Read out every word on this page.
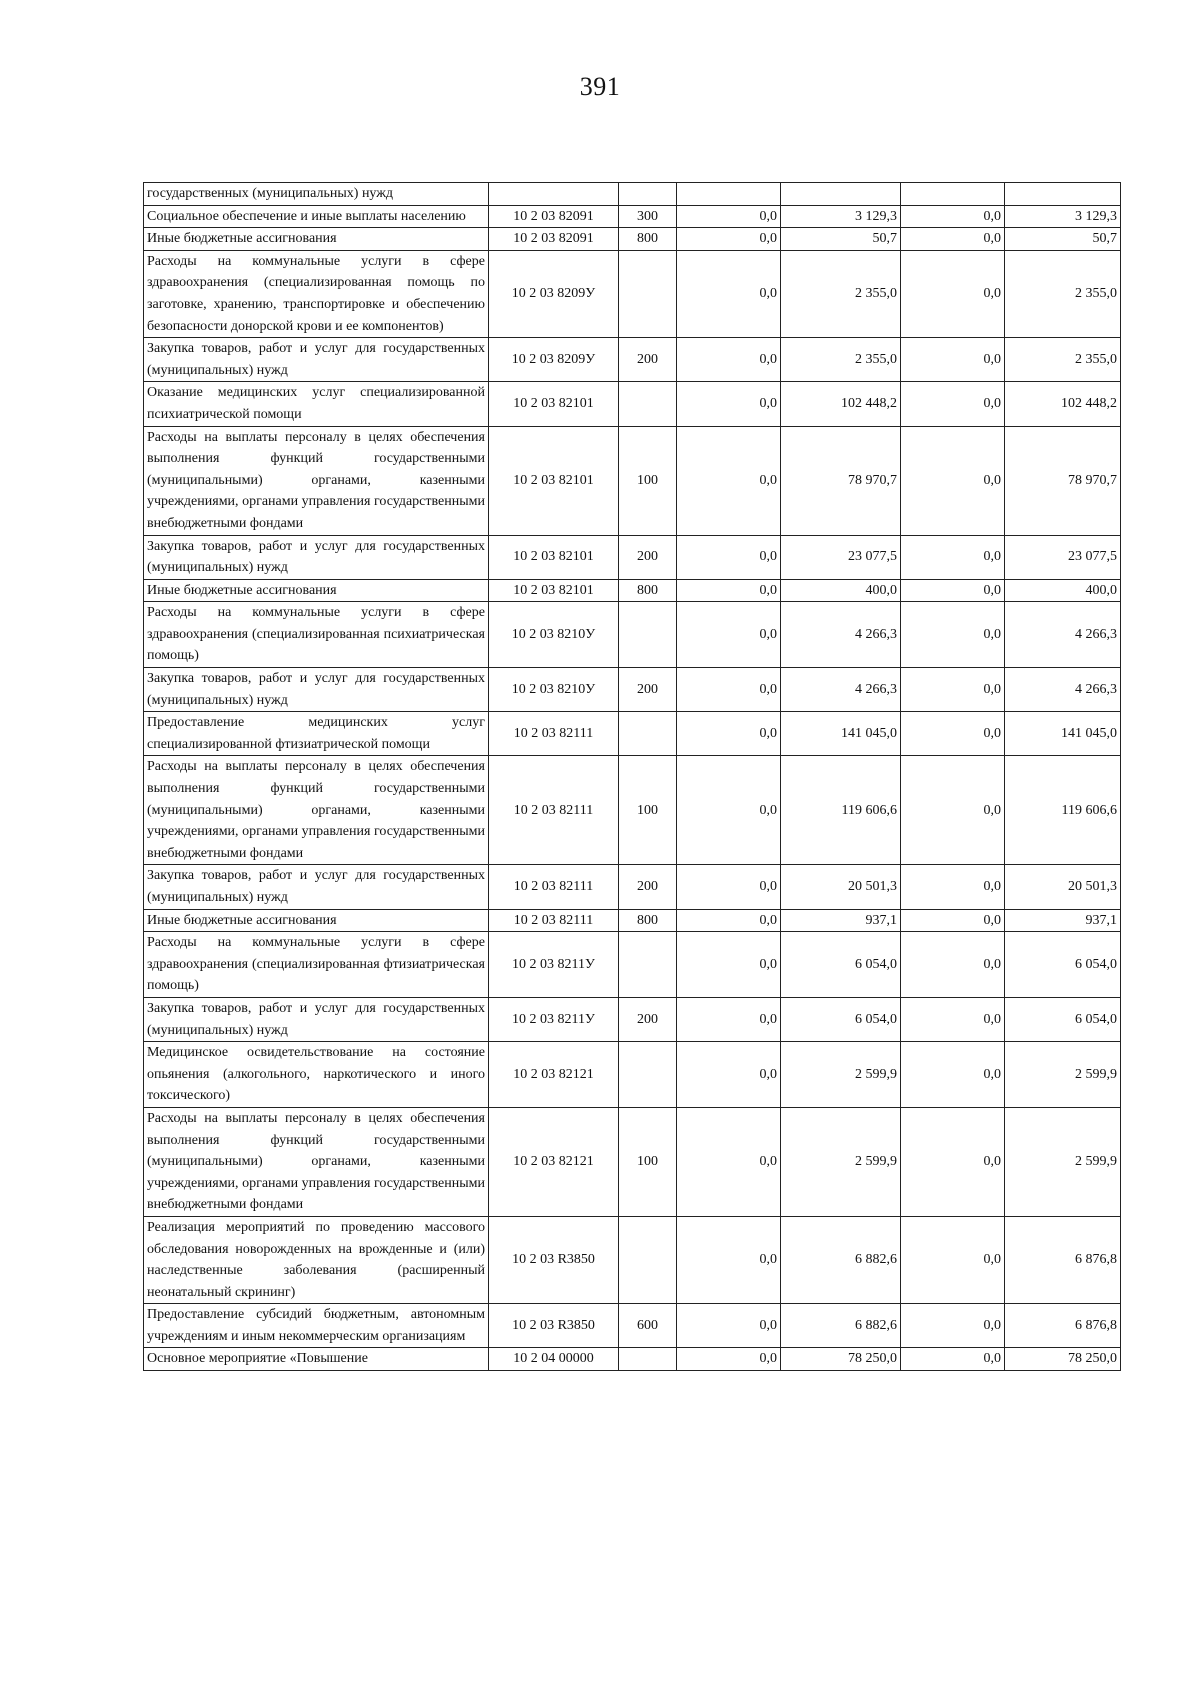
391
государственных (муниципальных) нужд						
Социальное обеспечение и иные выплаты населению	10 2 03 82091	300	0,0	3 129,3	0,0	3 129,3
Иные бюджетные ассигнования	10 2 03 82091	800	0,0	50,7	0,0	50,7
Расходы на коммунальные услуги в сфере здравоохранения (специализированная помощь по заготовке, хранению, транспортировке и обеспечению безопасности донорской крови и ее компонентов)	10 2 03 8209У		0,0	2 355,0	0,0	2 355,0
Закупка товаров, работ и услуг для государственных (муниципальных) нужд	10 2 03 8209У	200	0,0	2 355,0	0,0	2 355,0
Оказание медицинских услуг специализированной психиатрической помощи	10 2 03 82101		0,0	102 448,2	0,0	102 448,2
Расходы на выплаты персоналу в целях обеспечения выполнения функций государственными (муниципальными) органами, казенными учреждениями, органами управления государственными внебюджетными фондами	10 2 03 82101	100	0,0	78 970,7	0,0	78 970,7
Закупка товаров, работ и услуг для государственных (муниципальных) нужд	10 2 03 82101	200	0,0	23 077,5	0,0	23 077,5
Иные бюджетные ассигнования	10 2 03 82101	800	0,0	400,0	0,0	400,0
Расходы на коммунальные услуги в сфере здравоохранения (специализированная психиатрическая помощь)	10 2 03 8210У		0,0	4 266,3	0,0	4 266,3
Закупка товаров, работ и услуг для государственных (муниципальных) нужд	10 2 03 8210У	200	0,0	4 266,3	0,0	4 266,3
Предоставление медицинских услуг специализированной фтизиатрической помощи	10 2 03 82111		0,0	141 045,0	0,0	141 045,0
Расходы на выплаты персоналу в целях обеспечения выполнения функций государственными (муниципальными) органами, казенными учреждениями, органами управления государственными внебюджетными фондами	10 2 03 82111	100	0,0	119 606,6	0,0	119 606,6
Закупка товаров, работ и услуг для государственных (муниципальных) нужд	10 2 03 82111	200	0,0	20 501,3	0,0	20 501,3
Иные бюджетные ассигнования	10 2 03 82111	800	0,0	937,1	0,0	937,1
Расходы на коммунальные услуги в сфере здравоохранения (специализированная фтизиатрическая помощь)	10 2 03 8211У		0,0	6 054,0	0,0	6 054,0
Закупка товаров, работ и услуг для государственных (муниципальных) нужд	10 2 03 8211У	200	0,0	6 054,0	0,0	6 054,0
Медицинское освидетельствование на состояние опьянения (алкогольного, наркотического и иного токсического)	10 2 03 82121		0,0	2 599,9	0,0	2 599,9
Расходы на выплаты персоналу в целях обеспечения выполнения функций государственными (муниципальными) органами, казенными учреждениями, органами управления государственными внебюджетными фондами	10 2 03 82121	100	0,0	2 599,9	0,0	2 599,9
Реализация мероприятий по проведению массового обследования новорожденных на врожденные и (или) наследственные заболевания (расширенный неонатальный скрининг)	10 2 03 R3850		0,0	6 882,6	0,0	6 876,8
Предоставление субсидий бюджетным, автономным учреждениям и иным некоммерческим организациям	10 2 03 R3850	600	0,0	6 882,6	0,0	6 876,8
Основное мероприятие «Повышение	10 2 04 00000		0,0	78 250,0	0,0	78 250,0
